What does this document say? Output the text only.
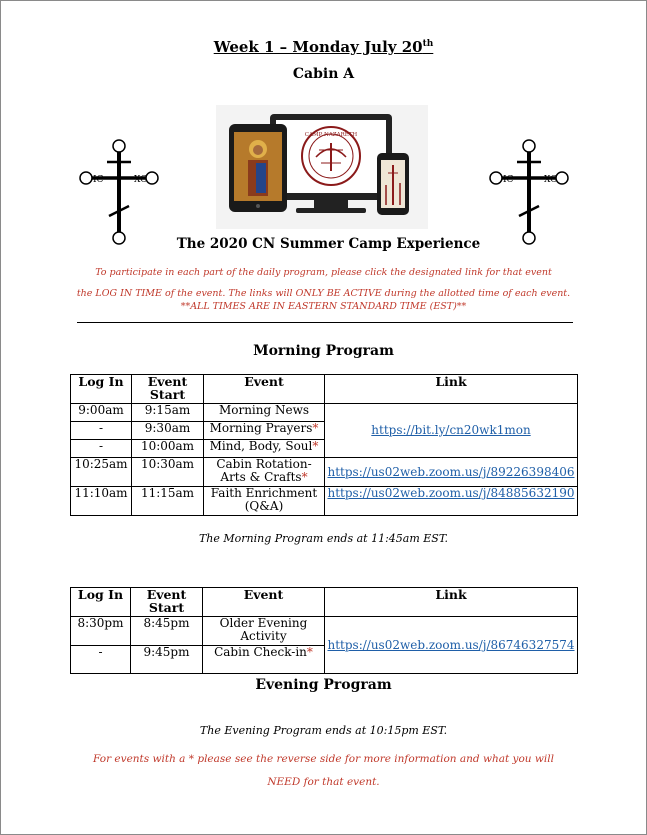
Week 1 – Monday July 20th
Cabin A
IC	XC	IC	XC
CAMP NAZARETH
The 2020 CN Summer Camp Experience
To participate in each part of the daily program, please click the designated link for that event
the LOG IN TIME of the event. The links will ONLY BE ACTIVE during the allotted time of each event.
**ALL TIMES ARE IN EASTERN STANDARD TIME (EST)**
Morning Program
Log In	Event Start	Event	Link
9:00am	9:15am	Morning News	https://bit.ly/cn20wk1mon
-	9:30am	Morning Prayers*	
-	10:00am	Mind, Body, Soul*	
10:25am	10:30am	Cabin Rotation- Arts & Crafts*	https://us02web.zoom.us/j/89226398406
11:10am	11:15am	Faith Enrichment (Q&A)	https://us02web.zoom.us/j/84885632190
The Morning Program ends at 11:45am EST.
Log In	Event Start	Event	Link
8:30pm	8:45pm	Older Evening Activity	https://us02web.zoom.us/j/86746327574
-	9:45pm	Cabin Check-in*	
Evening Program
The Evening Program ends at 10:15pm EST.
For events with a * please see the reverse side for more information and what you will
NEED for that event.
